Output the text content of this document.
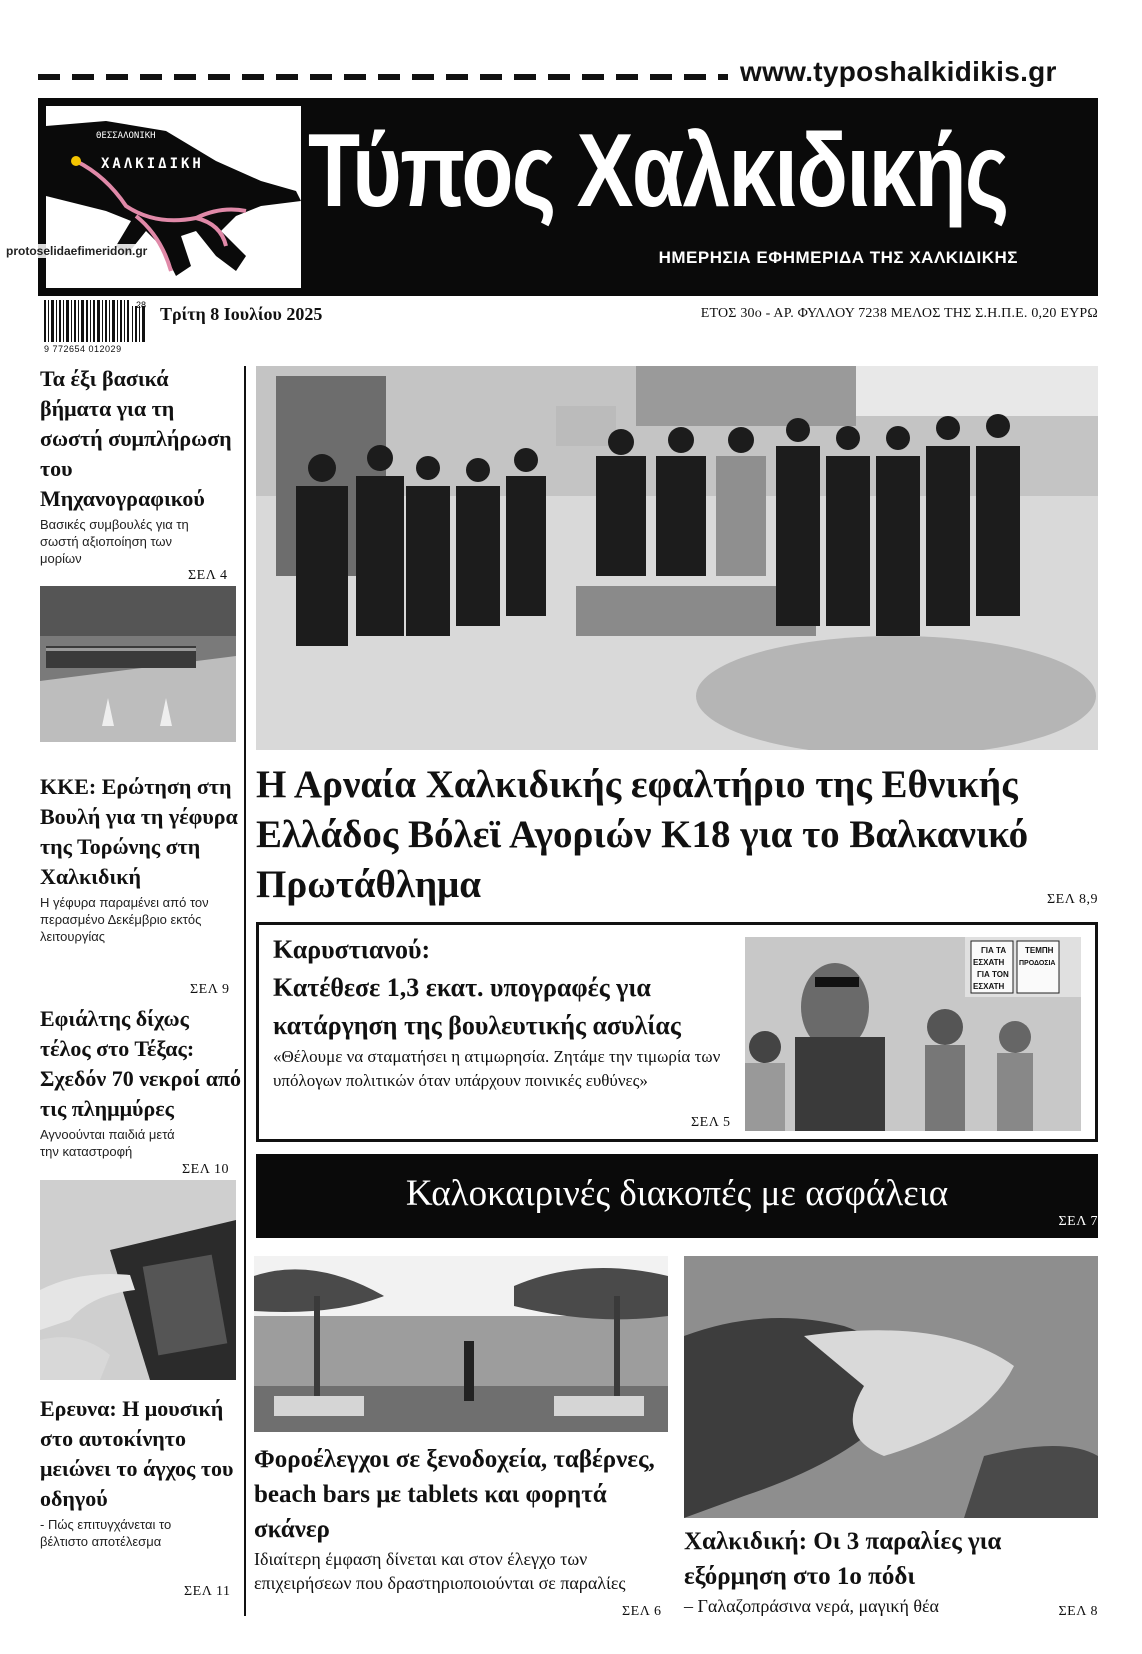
www.typoshalkidikis.gr
ΘΕΣΣΑΛΟΝΙΚΗ
ΧΑΛΚΙΔΙΚΗ Τύπος Χαλκιδικής
ΗΜΕΡΗΣΙΑ ΕΦΗΜΕΡΙΔΑ ΤΗΣ ΧΑΛΚΙΔΙΚΗΣ
protoselidaefimeridon.gr
9 772654 012029
28 Τρίτη 8 Ιουλίου 2025	ΕΤΟΣ 30ο - ΑΡ. ΦΥΛΛΟΥ 7238 ΜΕΛΟΣ ΤΗΣ Σ.Η.Π.Ε. 0,20 ΕΥΡΩ
Τα έξι βασικά βήματα για τη σωστή συμπλήρωση του Μηχανογραφικού
Βασικές συμβουλές για τη σωστή αξιοποίηση των μορίων
ΣΕΛ 4
ΚΚΕ: Ερώτηση στη Βουλή για τη γέφυρα της Τορώνης στη Χαλκιδική
Η γέφυρα παραμένει από τον περασμένο Δεκέμβριο εκτός λειτουργίας
ΣΕΛ 9
Εφιάλτης δίχως τέλος στο Τέξας: Σχεδόν 70 νεκροί από τις πλημμύρες
Αγνοούνται παιδιά μετά την καταστροφή
ΣΕΛ 10
Ερευνα: Η μουσική στο αυτοκίνητο μειώνει το άγχος του οδηγού
- Πώς επιτυγχάνεται το βέλτιστο αποτέλεσμα
ΣΕΛ 11
Η Αρναία Χαλκιδικής εφαλτήριο της Εθνικής Ελλάδος Βόλεϊ Αγοριών Κ18 για το Βαλκανικό Πρωτάθλημα	ΣΕΛ 8,9
Καρυστιανού:
Κατέθεσε 1,3 εκατ. υπογραφές για κατάργηση της βουλευτικής ασυλίας
«Θέλουμε να σταματήσει η ατιμωρησία. Ζητάμε την τιμωρία των υπόλογων πολιτικών όταν υπάρχουν ποινικές ευθύνες»
ΣΕΛ 5
ΓΙΑ ΤΑ
ΕΣΧΑΤΗ
ΤΕΜΠΗ
ΠΡΟΔΟΣΙΑ
ΓΙΑ ΤΟΝ
ΕΣΧΑΤΗ
Καλοκαιρινές διακοπές με ασφάλεια
ΣΕΛ 7
Φοροέλεγχοι σε ξενοδοχεία, ταβέρνες, beach bars με tablets και φορητά σκάνερ
Ιδιαίτερη έμφαση δίνεται και στον έλεγχο των επιχειρήσεων που δραστηριοποιούνται σε παραλίες
ΣΕΛ 6
Χαλκιδική: Οι 3 παραλίες για εξόρμηση στο 1ο πόδι
– Γαλαζοπράσινα νερά, μαγική θέα	ΣΕΛ 8
